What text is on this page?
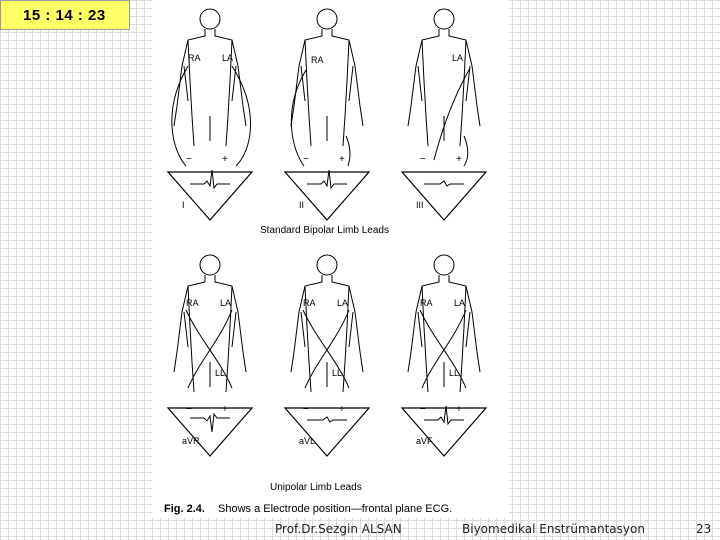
15 : 14 : 23
Standard Bipolar Limb Leads
Unipolar Limb Leads
Fig. 2.4. Shows a Electrode position—frontal plane ECG.
I
−	+
II
−	+
III
−	+
RA LA	RA	LA
aVR
−	+
RA LA
LL
aVL
−	+
RA LA
LL
aVF
−	+
RA LA
LL
Prof.Dr.Sezgin ALSAN	Biyomedikal Enstrümantasyon	23
